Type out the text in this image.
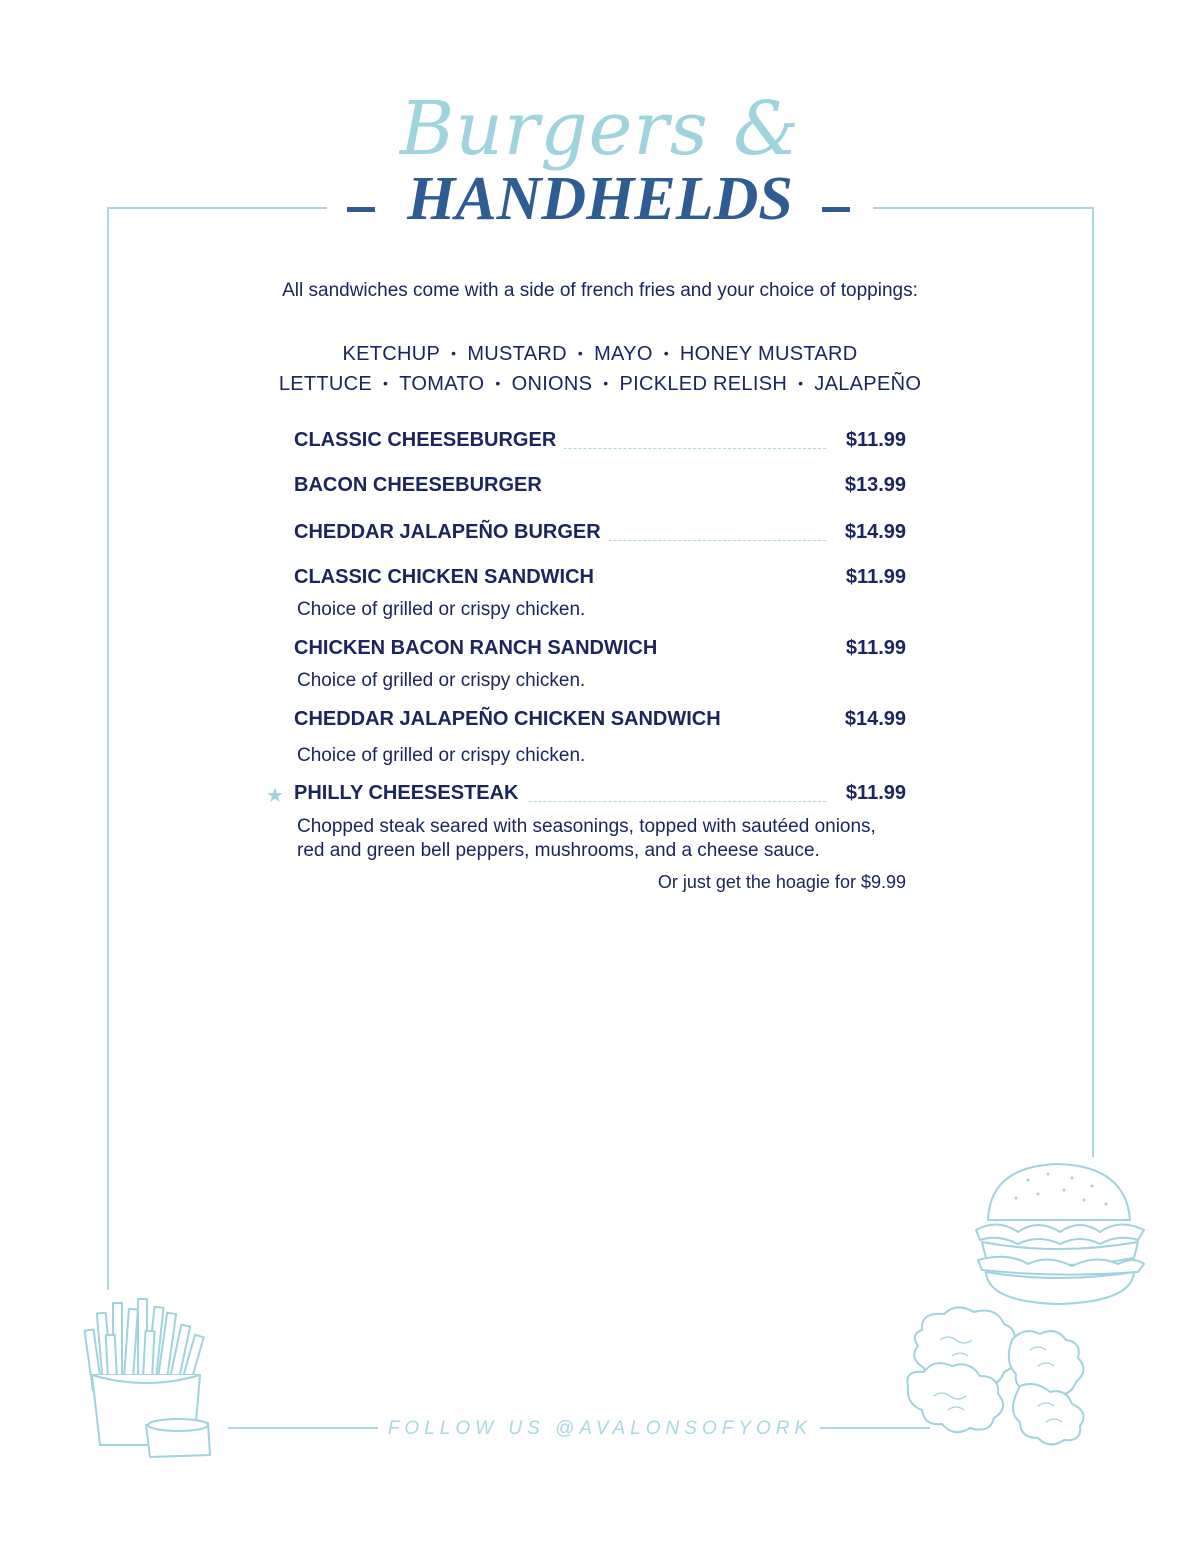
Burgers &
HANDHELDS
All sandwiches come with a side of french fries and your choice of toppings:
KETCHUP • MUSTARD • MAYO • HONEY MUSTARD
LETTUCE • TOMATO • ONIONS • PICKLED RELISH • JALAPEÑO
CLASSIC CHEESEBURGER	$11.99
BACON CHEESEBURGER	$13.99
CHEDDAR JALAPEÑO BURGER	$14.99
CLASSIC CHICKEN SANDWICH	$11.99
Choice of grilled or crispy chicken.
CHICKEN BACON RANCH SANDWICH	$11.99
Choice of grilled or crispy chicken.
CHEDDAR JALAPEÑO CHICKEN SANDWICH	$14.99
Choice of grilled or crispy chicken.
★ PHILLY CHEESESTEAK	$11.99
Chopped steak seared with seasonings, topped with sautéed onions, red and green bell peppers, mushrooms, and a cheese sauce.
Or just get the hoagie for $9.99
FOLLOW US @AVALONSOFYORK
